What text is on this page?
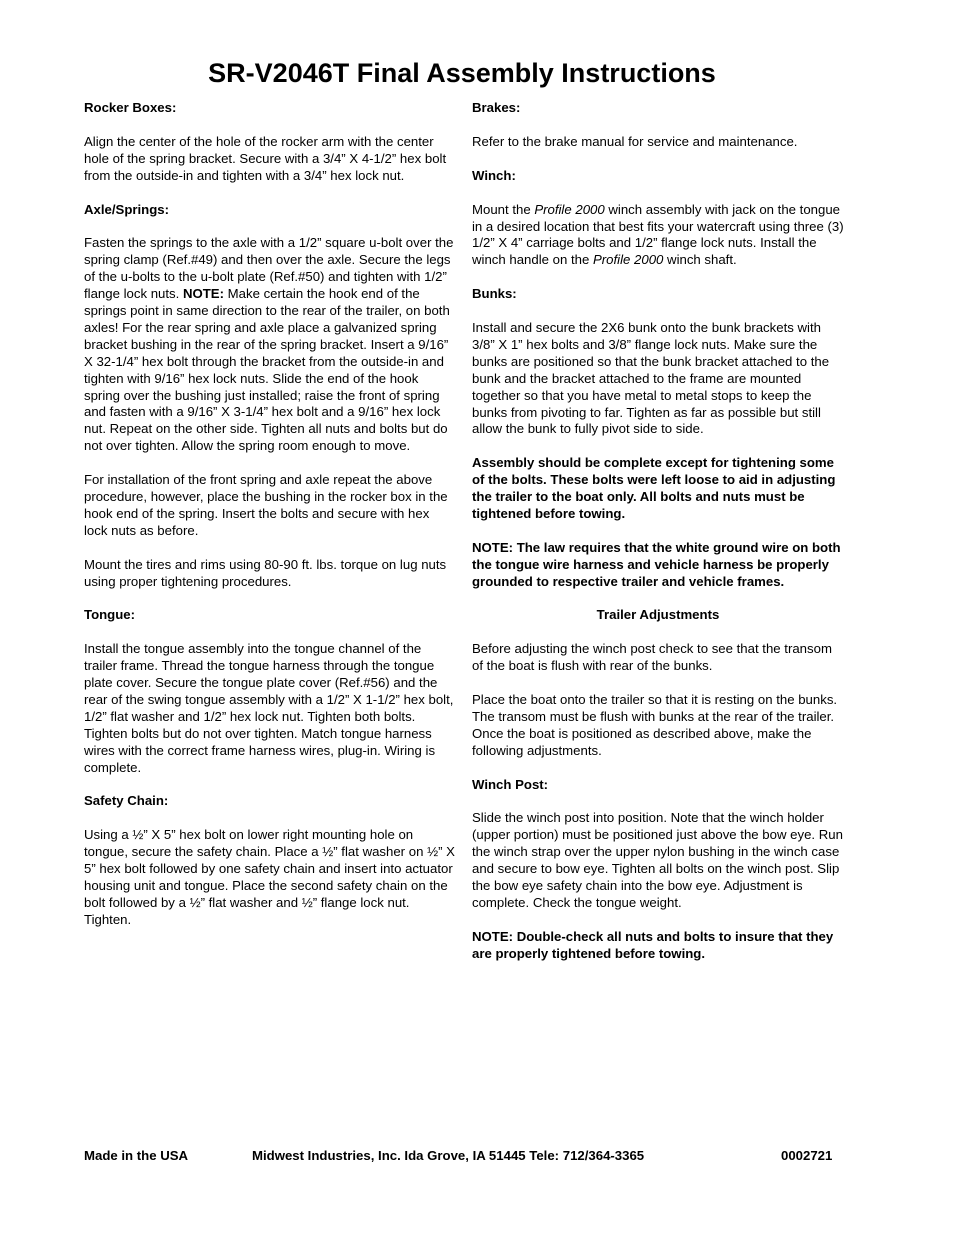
SR-V2046T Final Assembly Instructions
Rocker Boxes:

Align the center of the hole of the rocker arm with the center hole of the spring bracket. Secure with a 3/4” X 4-1/2” hex bolt from the outside-in and tighten with a 3/4” hex lock nut.

Axle/Springs:

Fasten the springs to the axle with a 1/2” square u-bolt over the spring clamp (Ref.#49) and then over the axle. Secure the legs of the u-bolts to the u-bolt plate (Ref.#50) and tighten with 1/2” flange lock nuts. NOTE: Make certain the hook end of the springs point in same direction to the rear of the trailer, on both axles! For the rear spring and axle place a galvanized spring bracket bushing in the rear of the spring bracket. Insert a 9/16” X 32-1/4” hex bolt through the bracket from the outside-in and tighten with 9/16” hex lock nuts. Slide the end of the hook spring over the bushing just installed; raise the front of spring and fasten with a 9/16” X 3-1/4” hex bolt and a 9/16” hex lock nut. Repeat on the other side. Tighten all nuts and bolts but do not over tighten. Allow the spring room enough to move.

For installation of the front spring and axle repeat the above procedure, however, place the bushing in the rocker box in the hook end of the spring. Insert the bolts and secure with hex lock nuts as before.

Mount the tires and rims using 80-90 ft. lbs. torque on lug nuts using proper tightening procedures.

Tongue:

Install the tongue assembly into the tongue channel of the trailer frame. Thread the tongue harness through the tongue plate cover. Secure the tongue plate cover (Ref.#56) and the rear of the swing tongue assembly with a 1/2” X 1-1/2” hex bolt, 1/2” flat washer and 1/2” hex lock nut. Tighten both bolts. Tighten bolts but do not over tighten. Match tongue harness wires with the correct frame harness wires, plug-in. Wiring is complete.

Safety Chain:

Using a ½” X 5” hex bolt on lower right mounting hole on tongue, secure the safety chain. Place a ½” flat washer on ½” X 5” hex bolt followed by one safety chain and insert into actuator housing unit and tongue. Place the second safety chain on the bolt followed by a ½” flat washer and ½” flange lock nut. Tighten.

Brakes:

Refer to the brake manual for service and maintenance.

Winch:

Mount the Profile 2000 winch assembly with jack on the tongue in a desired location that best fits your watercraft using three (3) 1/2” X 4” carriage bolts and 1/2” flange lock nuts. Install the winch handle on the Profile 2000 winch shaft.

Bunks:

Install and secure the 2X6 bunk onto the bunk brackets with 3/8” X 1” hex bolts and 3/8” flange lock nuts. Make sure the bunks are positioned so that the bunk bracket attached to the bunk and the bracket attached to the frame are mounted together so that you have metal to metal stops to keep the bunks from pivoting to far. Tighten as far as possible but still allow the bunk to fully pivot side to side.

Assembly should be complete except for tightening some of the bolts. These bolts were left loose to aid in adjusting the trailer to the boat only. All bolts and nuts must be tightened before towing.

NOTE: The law requires that the white ground wire on both the tongue wire harness and vehicle harness be properly grounded to respective trailer and vehicle frames.

Trailer Adjustments

Before adjusting the winch post check to see that the transom of the boat is flush with rear of the bunks.

Place the boat onto the trailer so that it is resting on the bunks. The transom must be flush with bunks at the rear of the trailer. Once the boat is positioned as described above, make the following adjustments.

Winch Post:

Slide the winch post into position. Note that the winch holder (upper portion) must be positioned just above the bow eye. Run the winch strap over the upper nylon bushing in the winch case and secure to bow eye. Tighten all bolts on the winch post. Slip the bow eye safety chain into the bow eye. Adjustment is complete. Check the tongue weight.

NOTE: Double-check all nuts and bolts to insure that they are properly tightened before towing.

Made in the USA	Midwest Industries, Inc. Ida Grove, IA 51445 Tele: 712/364-3365	0002721
